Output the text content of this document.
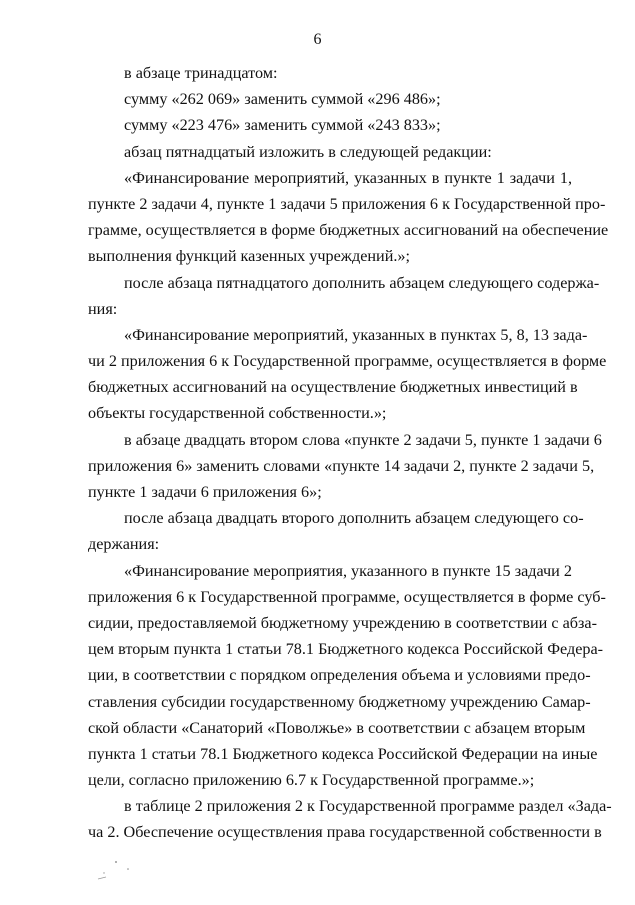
6
в абзаце тринадцатом:
сумму «262 069» заменить суммой «296 486»;
сумму «223 476» заменить суммой «243 833»;
абзац пятнадцатый изложить в следующей редакции:
«Финансирование мероприятий, указанных в пункте 1 задачи 1,
пункте 2 задачи 4, пункте 1 задачи 5 приложения 6 к Государственной про-
грамме, осуществляется в форме бюджетных ассигнований на обеспечение
выполнения функций казенных учреждений.»;
после абзаца пятнадцатого дополнить абзацем следующего содержа-
ния:
«Финансирование мероприятий, указанных в пунктах 5, 8, 13 зада-
чи 2 приложения 6 к Государственной программе, осуществляется в форме
бюджетных ассигнований на осуществление бюджетных инвестиций в
объекты государственной собственности.»;
в абзаце двадцать втором слова «пункте 2 задачи 5, пункте 1 задачи 6
приложения 6» заменить словами «пункте 14 задачи 2, пункте 2 задачи 5,
пункте 1 задачи 6 приложения 6»;
после абзаца двадцать второго дополнить абзацем следующего со-
держания:
«Финансирование мероприятия, указанного в пункте 15 задачи 2
приложения 6 к Государственной программе, осуществляется в форме суб-
сидии, предоставляемой бюджетному учреждению в соответствии с абза-
цем вторым пункта 1 статьи 78.1 Бюджетного кодекса Российской Федера-
ции, в соответствии с порядком определения объема и условиями предо-
ставления субсидии государственному бюджетному учреждению Самар-
ской области «Санаторий «Поволжье» в соответствии с абзацем вторым
пункта 1 статьи 78.1 Бюджетного кодекса Российской Федерации на иные
цели, согласно приложению 6.7 к Государственной программе.»;
в таблице 2 приложения 2 к Государственной программе раздел «Зада-
ча 2. Обеспечение осуществления права государственной собственности в
